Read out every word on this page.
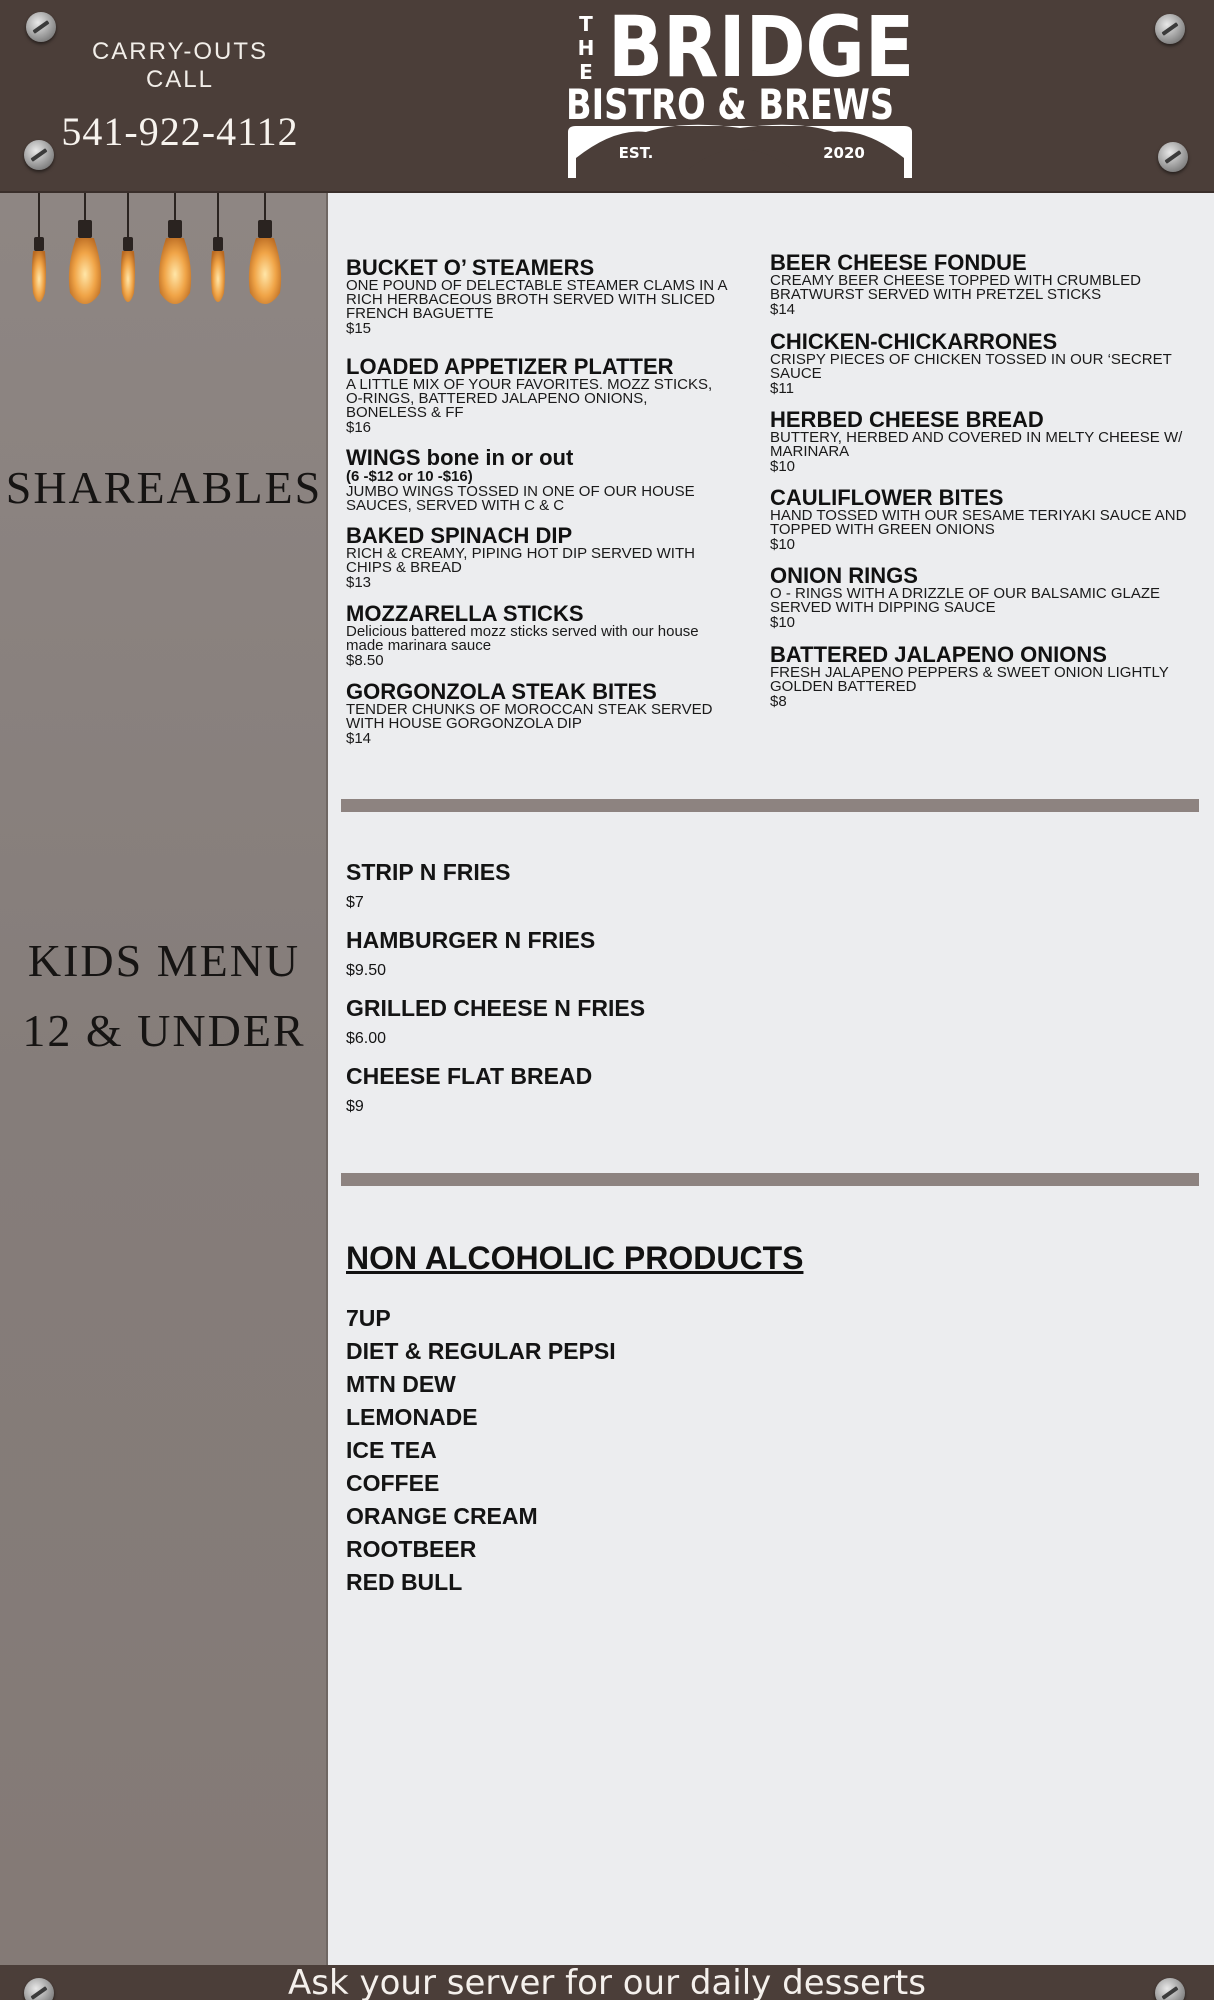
CARRY-OUTS
CALL
541-922-4112
T
H
E BRIDGE
BISTRO & BREWS
EST.	2020
SHAREABLES
KIDS MENU
12 & UNDER
BUCKET O’ STEAMERS
ONE POUND OF DELECTABLE STEAMER CLAMS IN A RICH HERBACEOUS BROTH SERVED WITH SLICED FRENCH BAGUETTE
$15
LOADED APPETIZER PLATTER
A LITTLE MIX OF YOUR FAVORITES. MOZZ STICKS, O-RINGS, BATTERED JALAPENO ONIONS, BONELESS & FF
$16
WINGS bone in or out
(6 -$12 or 10 -$16)
JUMBO WINGS TOSSED IN ONE OF OUR HOUSE SAUCES, SERVED WITH C & C
BAKED SPINACH DIP
RICH & CREAMY, PIPING HOT DIP SERVED WITH CHIPS & BREAD
$13
MOZZARELLA STICKS
Delicious battered mozz sticks served with our house made marinara sauce
$8.50
GORGONZOLA STEAK BITES
TENDER CHUNKS OF MOROCCAN STEAK SERVED WITH HOUSE GORGONZOLA DIP
$14
BEER CHEESE FONDUE
CREAMY BEER CHEESE TOPPED WITH CRUMBLED BRATWURST SERVED WITH PRETZEL STICKS
$14
CHICKEN-CHICKARRONES
CRISPY PIECES OF CHICKEN TOSSED IN OUR ‘SECRET SAUCE
$11
HERBED CHEESE BREAD
BUTTERY, HERBED AND COVERED IN MELTY CHEESE W/ MARINARA
$10
CAULIFLOWER BITES
HAND TOSSED WITH OUR SESAME TERIYAKI SAUCE AND TOPPED WITH GREEN ONIONS
$10
ONION RINGS
O - RINGS WITH A DRIZZLE OF OUR BALSAMIC GLAZE SERVED WITH DIPPING SAUCE
$10
BATTERED JALAPENO ONIONS
FRESH JALAPENO PEPPERS & SWEET ONION LIGHTLY GOLDEN BATTERED
$8
STRIP N FRIES
$7
HAMBURGER N FRIES
$9.50
GRILLED CHEESE N FRIES
$6.00
CHEESE FLAT BREAD
$9
NON ALCOHOLIC PRODUCTS
7UP
DIET & REGULAR PEPSI
MTN DEW
LEMONADE
ICE TEA
COFFEE
ORANGE CREAM
ROOTBEER
RED BULL
Ask your server for our daily desserts
